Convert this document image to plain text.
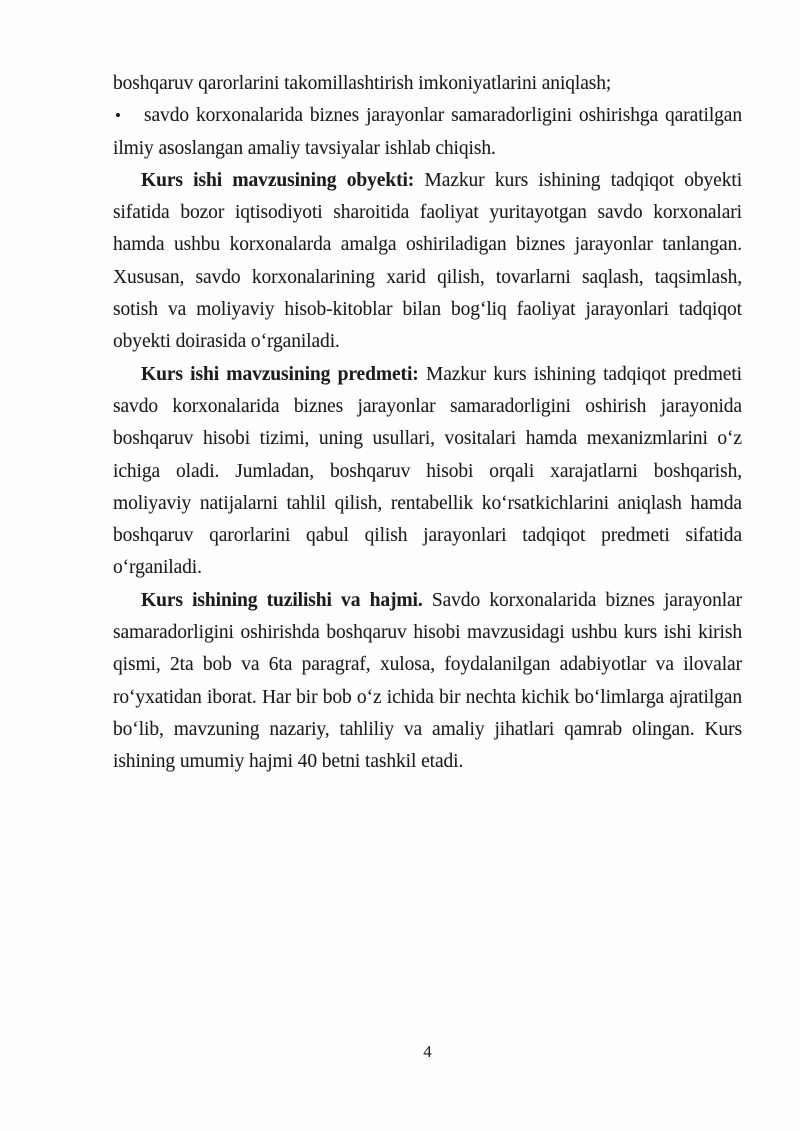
boshqaruv qarorlarini takomillashtirish imkoniyatlarini aniqlash;

• savdo korxonalarida biznes jarayonlar samaradorligini oshirishga qaratilgan ilmiy asoslangan amaliy tavsiyalar ishlab chiqish.

Kurs ishi mavzusining obyekti: Mazkur kurs ishining tadqiqot obyekti sifatida bozor iqtisodiyoti sharoitida faoliyat yuritayotgan savdo korxonalari hamda ushbu korxonalarda amalga oshiriladigan biznes jarayonlar tanlangan. Xususan, savdo korxonalarining xarid qilish, tovarlarni saqlash, taqsimlash, sotish va moliyaviy hisob-kitoblar bilan bog‘liq faoliyat jarayonlari tadqiqot obyekti doirasida o‘rganiladi.

Kurs ishi mavzusining predmeti: Mazkur kurs ishining tadqiqot predmeti savdo korxonalarida biznes jarayonlar samaradorligini oshirish jarayonida boshqaruv hisobi tizimi, uning usullari, vositalari hamda mexanizmlarini o‘z ichiga oladi. Jumladan, boshqaruv hisobi orqali xarajatlarni boshqarish, moliyaviy natijalarni tahlil qilish, rentabellik ko‘rsatkichlarini aniqlash hamda boshqaruv qarorlarini qabul qilish jarayonlari tadqiqot predmeti sifatida o‘rganiladi.

Kurs ishining tuzilishi va hajmi. Savdo korxonalarida biznes jarayonlar samaradorligini oshirishda boshqaruv hisobi mavzusidagi ushbu kurs ishi kirish qismi, 2ta bob va 6ta paragraf, xulosa, foydalanilgan adabiyotlar va ilovalar ro‘yxatidan iborat. Har bir bob o‘z ichida bir nechta kichik bo‘limlarga ajratilgan bo‘lib, mavzuning nazariy, tahliliy va amaliy jihatlari qamrab olingan. Kurs ishining umumiy hajmi 40 betni tashkil etadi.

4
